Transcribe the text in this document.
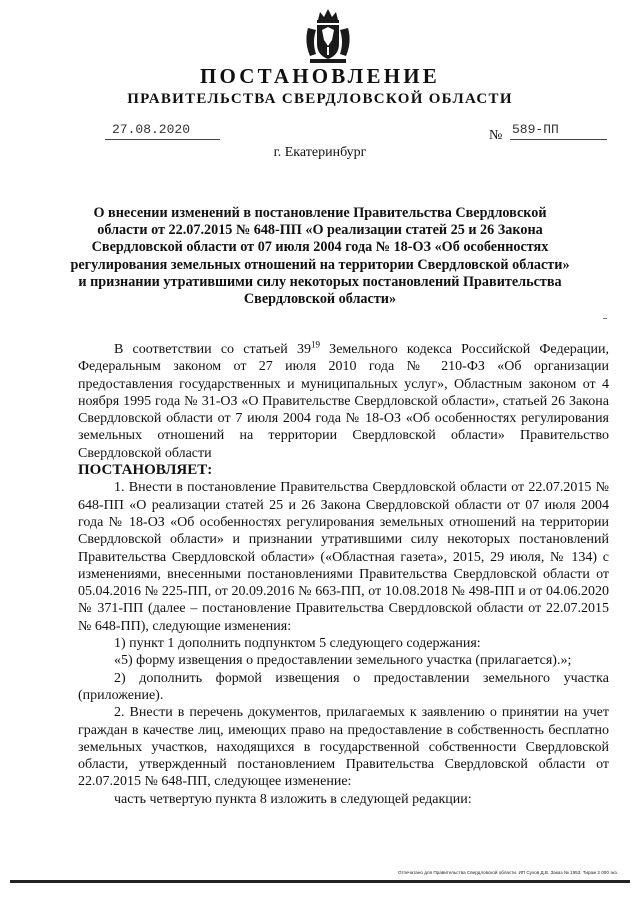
ПОСТАНОВЛЕНИЕ
ПРАВИТЕЛЬСТВА СВЕРДЛОВСКОЙ ОБЛАСТИ
27.08.2020	№ 589-ПП
г. Екатеринбург
О внесении изменений в постановление Правительства Свердловской области от 22.07.2015 № 648-ПП «О реализации статей 25 и 26 Закона Свердловской области от 07 июля 2004 года № 18-ОЗ «Об особенностях регулирования земельных отношений на территории Свердловской области» и признании утратившими силу некоторых постановлений Правительства Свердловской области»

В соответствии со статьей $39^{19}$ Земельного кодекса Российской Федерации, Федеральным законом от 27 июля 2010 года № 210-ФЗ «Об организации предоставления государственных и муниципальных услуг», Областным законом от 4 ноября 1995 года № 31-ОЗ «О Правительстве Свердловской области», статьей 26 Закона Свердловской области от 7 июля 2004 года № 18-ОЗ «Об особенностях регулирования земельных отношений на территории Свердловской области» Правительство Свердловской области

ПОСТАНОВЛЯЕТ:

1. Внести в постановление Правительства Свердловской области от 22.07.2015 № 648-ПП «О реализации статей 25 и 26 Закона Свердловской области от 07 июля 2004 года № 18-ОЗ «Об особенностях регулирования земельных отношений на территории Свердловской области» и признании утратившими силу некоторых постановлений Правительства Свердловской области» («Областная газета», 2015, 29 июля, № 134) с изменениями, внесенными постановлениями Правительства Свердловской области от 05.04.2016 № 225-ПП, от 20.09.2016 № 663-ПП, от 10.08.2018 № 498-ПП и от 04.06.2020 № 371-ПП (далее – постановление Правительства Свердловской области от 22.07.2015 № 648-ПП), следующие изменения:

1) пункт 1 дополнить подпунктом 5 следующего содержания:

«5) форму извещения о предоставлении земельного участка (прилагается).»;

2) дополнить формой извещения о предоставлении земельного участка (приложение).

2. Внести в перечень документов, прилагаемых к заявлению о принятии на учет граждан в качестве лиц, имеющих право на предоставление в собственность бесплатно земельных участков, находящихся в государственной собственности Свердловской области, утвержденный постановлением Правительства Свердловской области от 22.07.2015 № 648-ПП, следующее изменение:

часть четвертую пункта 8 изложить в следующей редакции:

Отпечатано для Правительства Свердловской области. ИП Сухов Д.В. Заказ № 1953. Тираж 2 000 экз.
